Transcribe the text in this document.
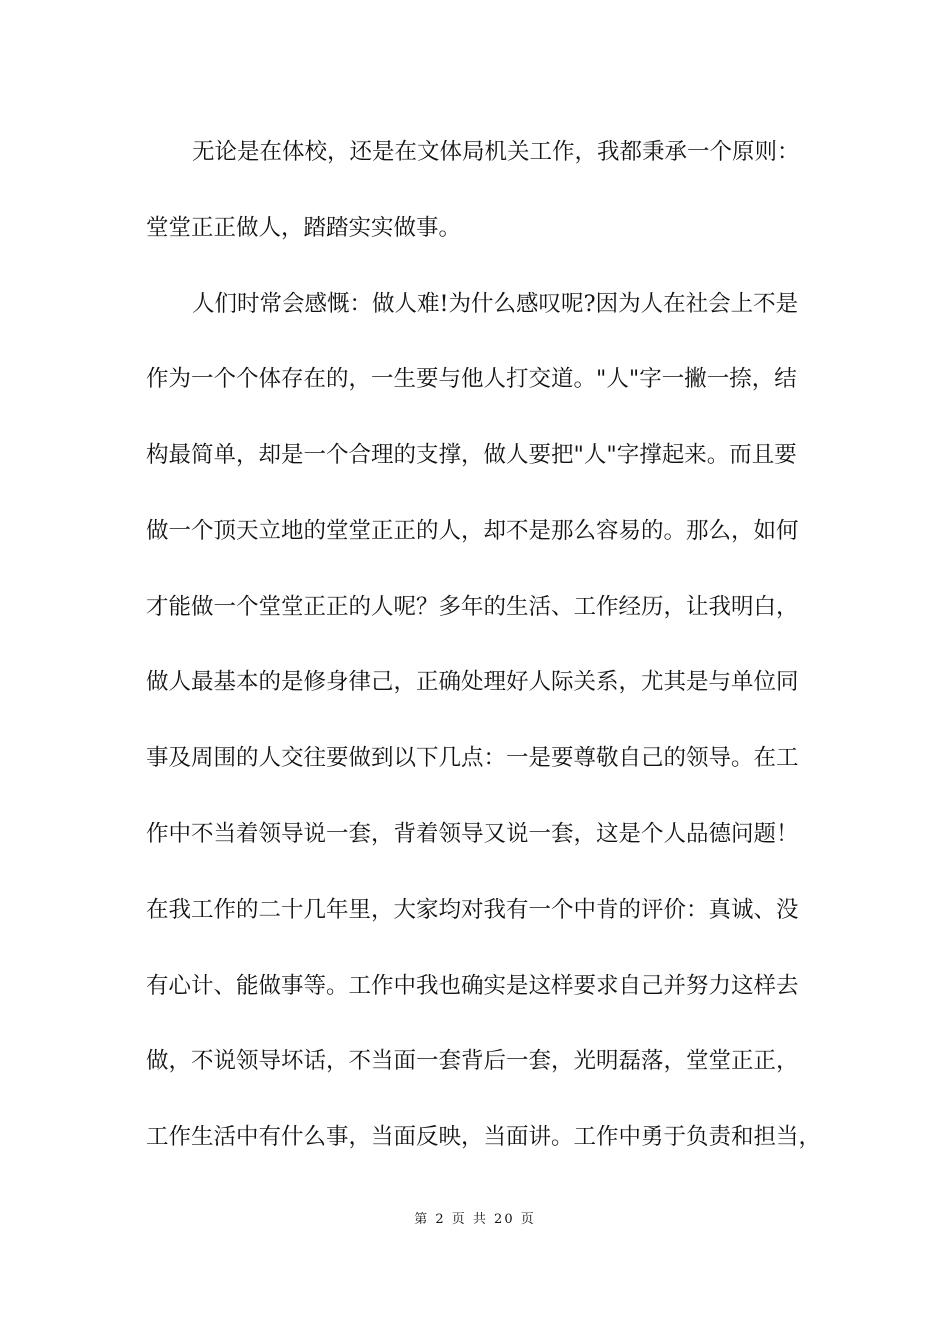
无论是在体校，还是在文体局机关工作，我都秉承一个原则：
堂堂正正做人，踏踏实实做事。
人们时常会感慨：做人难!为什么感叹呢?因为人在社会上不是
作为一个个体存在的，一生要与他人打交道。"人"字一撇一捺，结
构最简单，却是一个合理的支撑，做人要把"人"字撑起来。而且要
做一个顶天立地的堂堂正正的人，却不是那么容易的。那么，如何
才能做一个堂堂正正的人呢？多年的生活、工作经历，让我明白，
做人最基本的是修身律己，正确处理好人际关系，尤其是与单位同
事及周围的人交往要做到以下几点：一是要尊敬自己的领导。在工
作中不当着领导说一套，背着领导又说一套，这是个人品德问题！
在我工作的二十几年里，大家均对我有一个中肯的评价：真诚、没
有心计、能做事等。工作中我也确实是这样要求自己并努力这样去
做，不说领导坏话，不当面一套背后一套，光明磊落，堂堂正正，
工作生活中有什么事，当面反映，当面讲。工作中勇于负责和担当，
第 2 页 共 20 页
